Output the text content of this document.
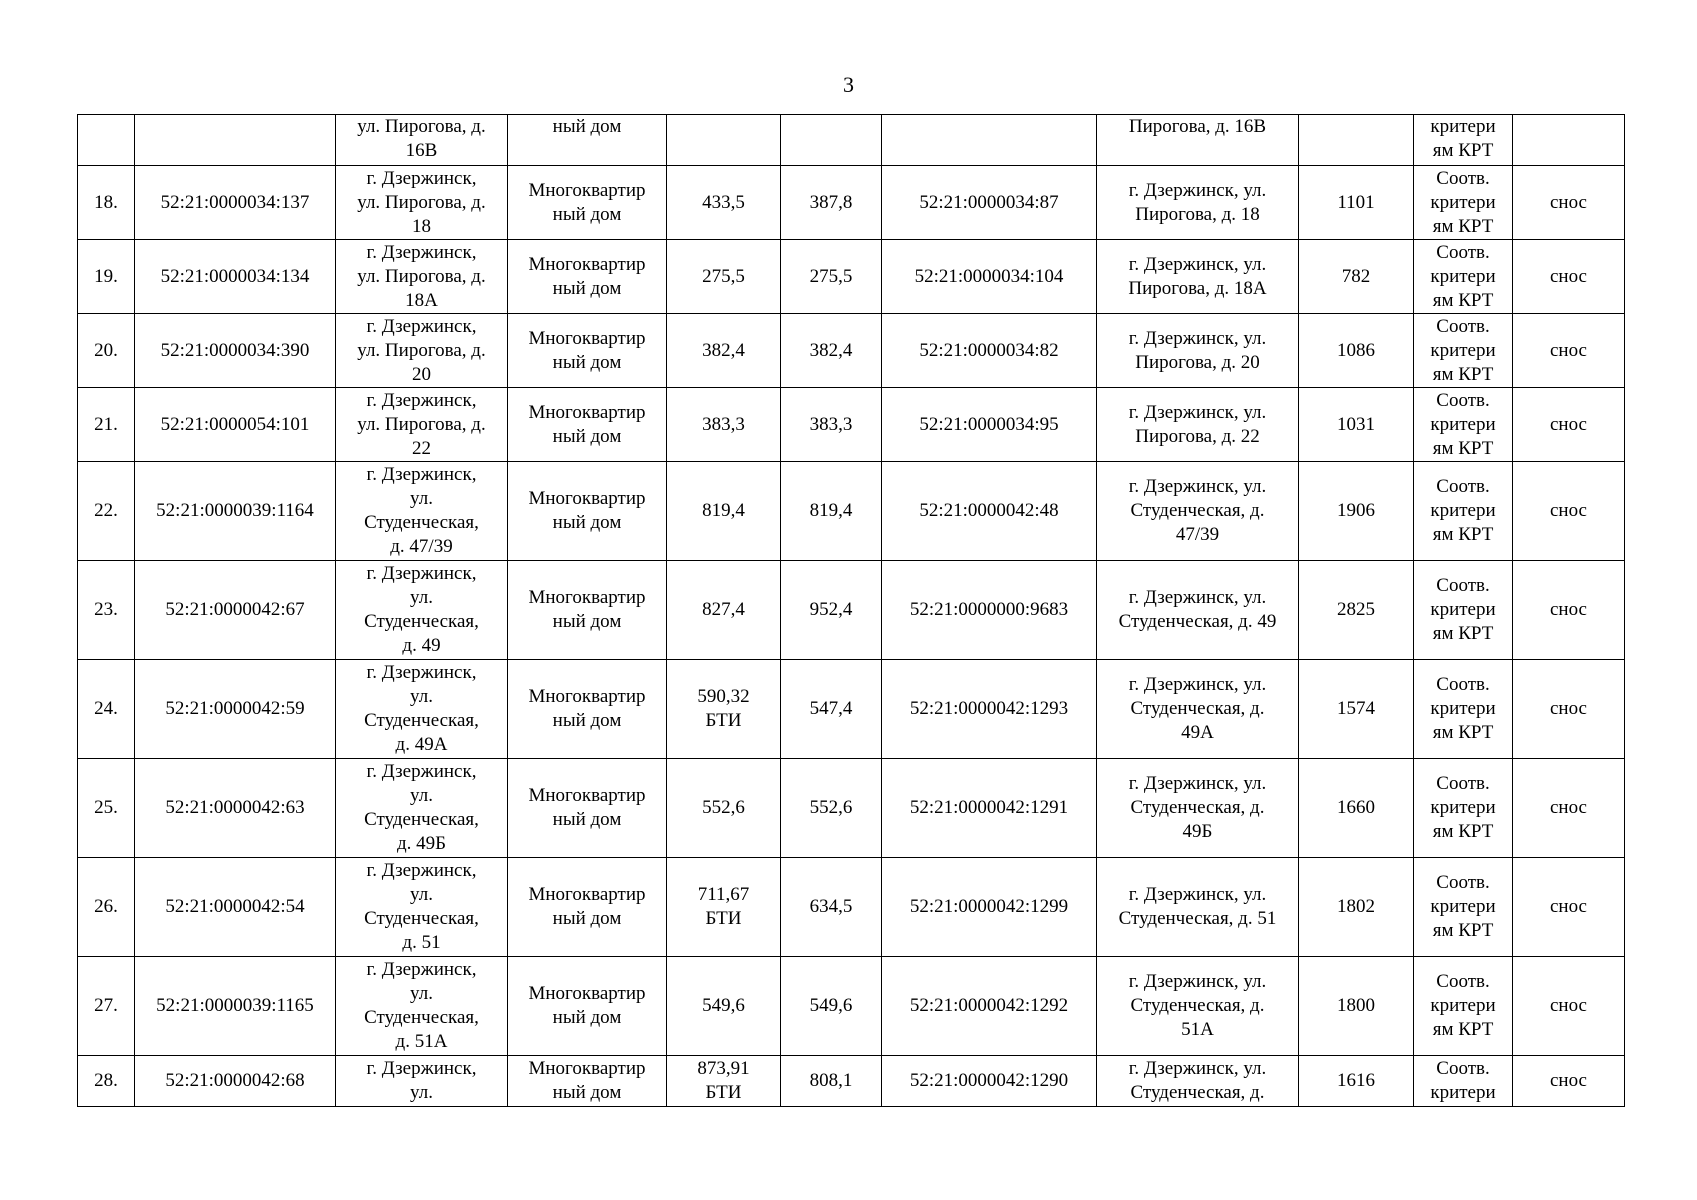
3

		ул. Пирогова, д.
16В	ный дом				Пирогова, д. 16В		критери
ям КРТ	

18.	52:21:0000034:137	г. Дзержинск,
ул. Пирогова, д.
18	Многоквартир
ный дом	433,5	387,8	52:21:0000034:87	г. Дзержинск, ул.
Пирогова, д. 18	1101	Соотв.
критери
ям КРТ	снос

19.	52:21:0000034:134	г. Дзержинск,
ул. Пирогова, д.
18А	Многоквартир
ный дом	275,5	275,5	52:21:0000034:104	г. Дзержинск, ул.
Пирогова, д. 18А	782	Соотв.
критери
ям КРТ	снос

20.	52:21:0000034:390	г. Дзержинск,
ул. Пирогова, д.
20	Многоквартир
ный дом	382,4	382,4	52:21:0000034:82	г. Дзержинск, ул.
Пирогова, д. 20	1086	Соотв.
критери
ям КРТ	снос

21.	52:21:0000054:101	г. Дзержинск,
ул. Пирогова, д.
22	Многоквартир
ный дом	383,3	383,3	52:21:0000034:95	г. Дзержинск, ул.
Пирогова, д. 22	1031	Соотв.
критери
ям КРТ	снос

22.	52:21:0000039:1164	г. Дзержинск,
ул.
Студенческая,
д. 47/39	Многоквартир
ный дом	819,4	819,4	52:21:0000042:48	г. Дзержинск, ул.
Студенческая, д.
47/39	1906	Соотв.
критери
ям КРТ	снос

23.	52:21:0000042:67	г. Дзержинск,
ул.
Студенческая,
д. 49	Многоквартир
ный дом	827,4	952,4	52:21:0000000:9683	г. Дзержинск, ул.
Студенческая, д. 49	2825	Соотв.
критери
ям КРТ	снос

24.	52:21:0000042:59	г. Дзержинск,
ул.
Студенческая,
д. 49А	Многоквартир
ный дом	590,32
БТИ	547,4	52:21:0000042:1293	г. Дзержинск, ул.
Студенческая, д.
49А	1574	Соотв.
критери
ям КРТ	снос

25.	52:21:0000042:63	г. Дзержинск,
ул.
Студенческая,
д. 49Б	Многоквартир
ный дом	552,6	552,6	52:21:0000042:1291	г. Дзержинск, ул.
Студенческая, д.
49Б	1660	Соотв.
критери
ям КРТ	снос

26.	52:21:0000042:54	г. Дзержинск,
ул.
Студенческая,
д. 51	Многоквартир
ный дом	711,67
БТИ	634,5	52:21:0000042:1299	г. Дзержинск, ул.
Студенческая, д. 51	1802	Соотв.
критери
ям КРТ	снос

27.	52:21:0000039:1165	г. Дзержинск,
ул.
Студенческая,
д. 51А	Многоквартир
ный дом	549,6	549,6	52:21:0000042:1292	г. Дзержинск, ул.
Студенческая, д.
51А	1800	Соотв.
критери
ям КРТ	снос

28.	52:21:0000042:68	г. Дзержинск,
ул.	Многоквартир
ный дом	873,91
БТИ	808,1	52:21:0000042:1290	г. Дзержинск, ул.
Студенческая, д.	1616	Соотв.
критери	снос
